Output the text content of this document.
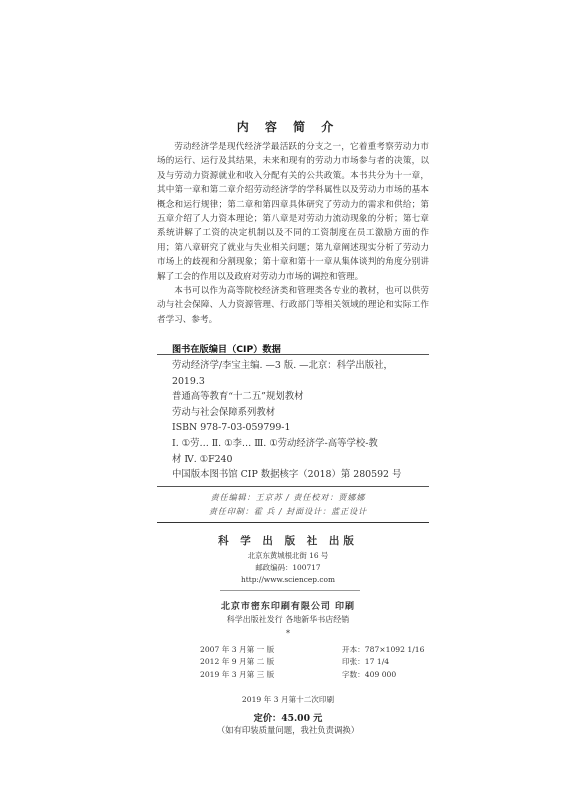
内 容 简 介

劳动经济学是现代经济学最活跃的分支之一，它着重考察劳动力市场的运行、运行及其结果，未来和现有的劳动力市场参与者的决策，以及与劳动力资源就业和收入分配有关的公共政策。本书共分为十一章，其中第一章和第二章介绍劳动经济学的学科属性以及劳动力市场的基本概念和运行规律；第二章和第四章具体研究了劳动力的需求和供给；第五章介绍了人力资本理论；第八章是对劳动力流动现象的分析；第七章系统讲解了工资的决定机制以及不同的工资制度在员工激励方面的作用；第八章研究了就业与失业相关问题；第九章阐述现实分析了劳动力市场上的歧视和分割现象；第十章和第十一章从集体谈判的角度分别讲解了工会的作用以及政府对劳动力市场的调控和管理。

本书可以作为高等院校经济类和管理类各专业的教材，也可以供劳动与社会保障、人力资源管理、行政部门等相关领域的理论和实际工作者学习、参考。

图书在版编目（CIP）数据
劳动经济学/李宝主编. —3 版. —北京：科学出版社，
2019.3
普通高等教育“十二五”规划教材
劳动与社会保障系列教材
ISBN 978-7-03-059799-1
Ⅰ. ①劳… Ⅱ. ①李… Ⅲ. ①劳动经济学-高等学校-教
材 Ⅳ. ①F240
中国版本图书馆 CIP 数据核字（2018）第 280592 号
责任编辑：王京苏 / 责任校对：贾娜娜
责任印制：霍 兵 / 封面设计：蓝正设计
科 学 出 版 社 出版
北京东黄城根北街 16 号
邮政编码：100717
http://www.sciencep.com
北京市密东印刷有限公司 印刷
科学出版社发行 各地新华书店经销
*
2007 年 3 月第 一 版	开本：787×1092 1/16
2012 年 9 月第 二 版	印张：17 1/4
2019 年 3 月第 三 版	字数：409 000
2019 年 3 月第十二次印刷
定价：45.00 元
（如有印装质量问题，我社负责调换）
